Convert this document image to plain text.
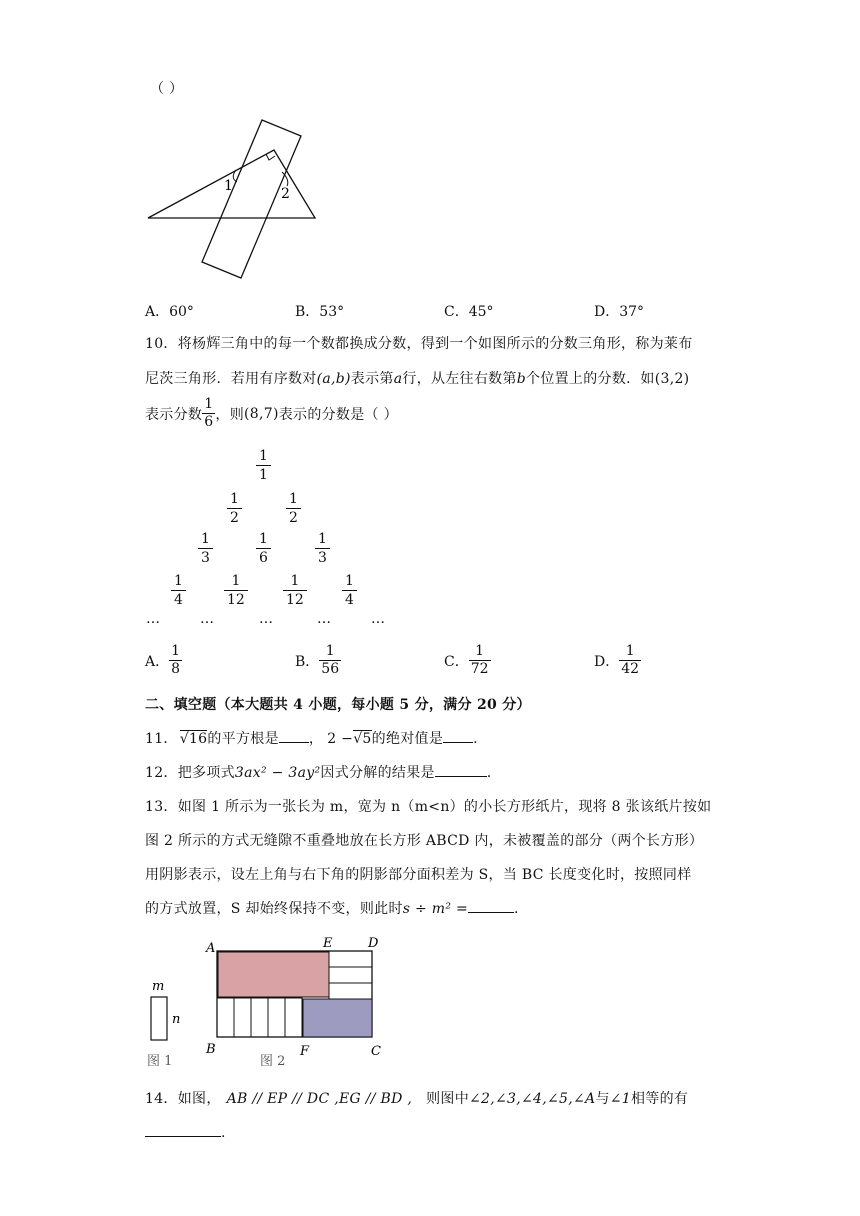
（ ）
1	2
A．60°	B．53°	C．45°	D．37°
10．将杨辉三角中的每一个数都换成分数，得到一个如图所示的分数三角形，称为莱布
尼茨三角形．若用有序数对(a,b)表示第a行，从左往右数第b个位置上的分数．如(3,2)
表示分数 $\frac{1}{6}$ ，则 (8,7) 表示的分数是（ ）
$\frac{1}{1}$
$\frac{1}{2}$	$\frac{1}{2}$
$\frac{1}{3}$	$\frac{1}{6}$	$\frac{1}{3}$
$\frac{1}{4}$	$\frac{1}{12}$	$\frac{1}{12}$	$\frac{1}{4}$
…	…	…	…	…
A． $\frac{1}{8}$	B． $\frac{1}{56}$	C． $\frac{1}{72}$	D． $\frac{1}{42}$
二、填空题（本大题共 4 小题，每小题 5 分，满分 20 分）
11． √16 的平方根是 ， 2 − √5 的绝对值是 .
12．把多项式 3ax² − 3ay² 因式分解的结果是	.
13．如图 1 所示为一张长为 m，宽为 n（m<n）的小长方形纸片，现将 8 张该纸片按如
图 2 所示的方式无缝隙不重叠地放在长方形 ABCD 内，未被覆盖的部分（两个长方形）
用阴影表示，设左上角与右下角的阴影部分面积差为 S，当 BC 长度变化时，按照同样
的方式放置，S 却始终保持不变，则此时 s ÷ m² =	.
m
n
图 1
A	E	D
B	F	C
图 2
14．如图， AB // EP // DC ,EG // BD , 则图中 ∠2,∠3,∠4,∠5,∠A 与 ∠1 相等的有
.
